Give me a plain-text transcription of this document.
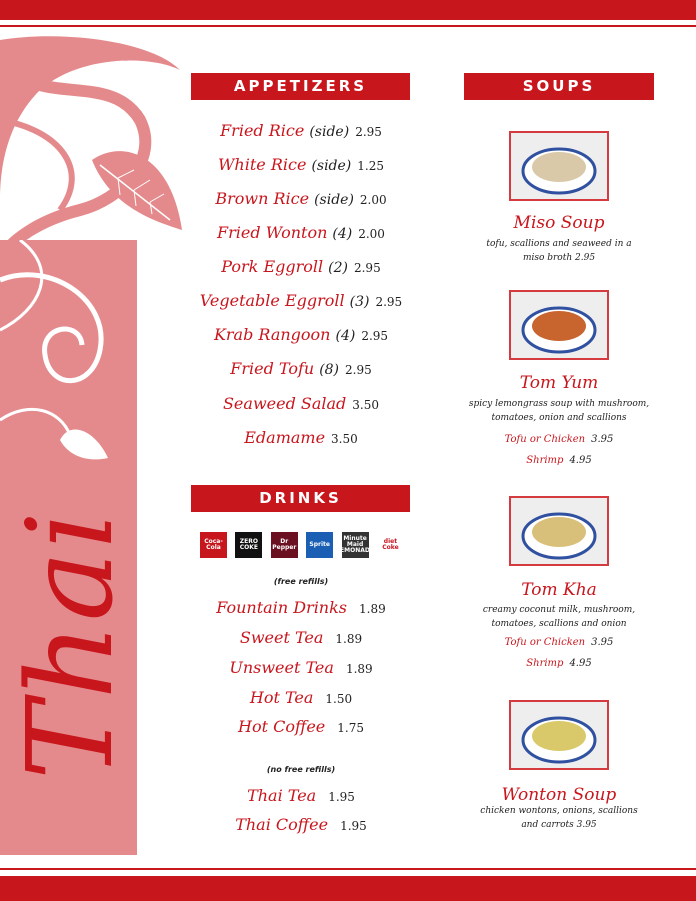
Thai
APPETIZERS
Fried Rice (side) 2.95
White Rice (side) 1.25
Brown Rice (side) 2.00
Fried Wonton (4) 2.00
Pork Eggroll (2) 2.95
Vegetable Eggroll (3) 2.95
Krab Rangoon (4) 2.95
Fried Tofu (8) 2.95
Seaweed Salad 3.50
Edamame 3.50
DRINKS
Coca-Cola
ZERO COKE
Dr Pepper	Sprite
Minute Maid LEMONADE
diet Coke
(free refills)
Fountain Drinks 1.89
Sweet Tea 1.89
Unsweet Tea 1.89
Hot Tea 1.50
Hot Coffee 1.75
(no free refills)
Thai Tea 1.95
Thai Coffee 1.95
SOUPS
Miso Soup
tofu, scallions and seaweed in a
miso broth 2.95
Tom Yum
spicy lemongrass soup with mushroom,
tomatoes, onion and scallions
Tofu or Chicken 3.95
Shrimp 4.95
Tom Kha
creamy coconut milk, mushroom,
tomatoes, scallions and onion
Tofu or Chicken 3.95
Shrimp 4.95
Wonton Soup
chicken wontons, onions, scallions
and carrots 3.95
